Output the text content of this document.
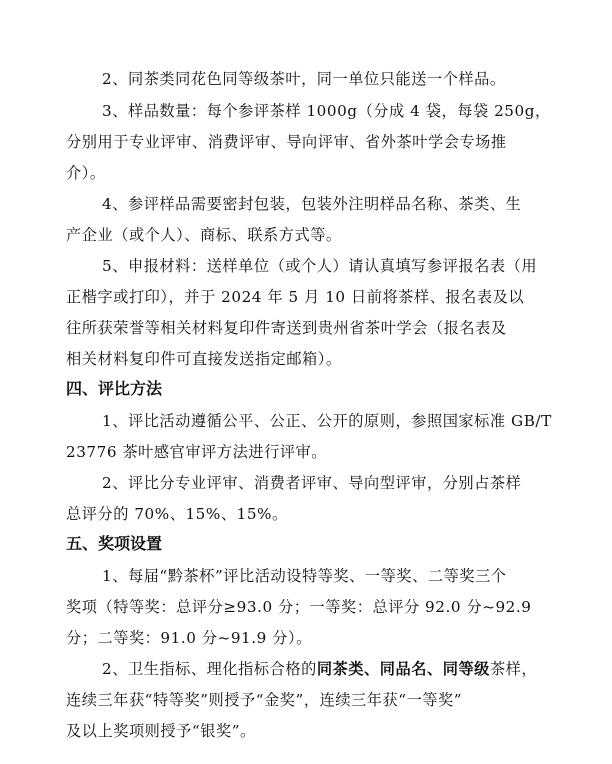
2、同茶类同花色同等级茶叶，同一单位只能送一个样品。
3、样品数量：每个参评茶样 1000g（分成 4 袋，每袋 250g，
分别用于专业评审、消费评审、导向评审、省外茶叶学会专场推
介）。
4、参评样品需要密封包装，包装外注明样品名称、茶类、生
产企业（或个人）、商标、联系方式等。
5、申报材料：送样单位（或个人）请认真填写参评报名表（用
正楷字或打印），并于 2024 年 5 月 10 日前将茶样、报名表及以
往所获荣誉等相关材料复印件寄送到贵州省茶叶学会（报名表及
相关材料复印件可直接发送指定邮箱）。
四、评比方法
1、评比活动遵循公平、公正、公开的原则，参照国家标准 GB/T
23776 茶叶感官审评方法进行评审。
2、评比分专业评审、消费者评审、导向型评审，分别占茶样
总评分的 70%、15%、15%。
五、奖项设置
1、每届“黔茶杯”评比活动设特等奖、一等奖、二等奖三个
奖项（特等奖：总评分≥93.0 分；一等奖：总评分 92.0 分~92.9
分；二等奖：91.0 分~91.9 分）。
2、卫生指标、理化指标合格的同茶类、同品名、同等级茶样，
连续三年获“特等奖”则授予“金奖”，连续三年获“一等奖”
及以上奖项则授予“银奖”。
